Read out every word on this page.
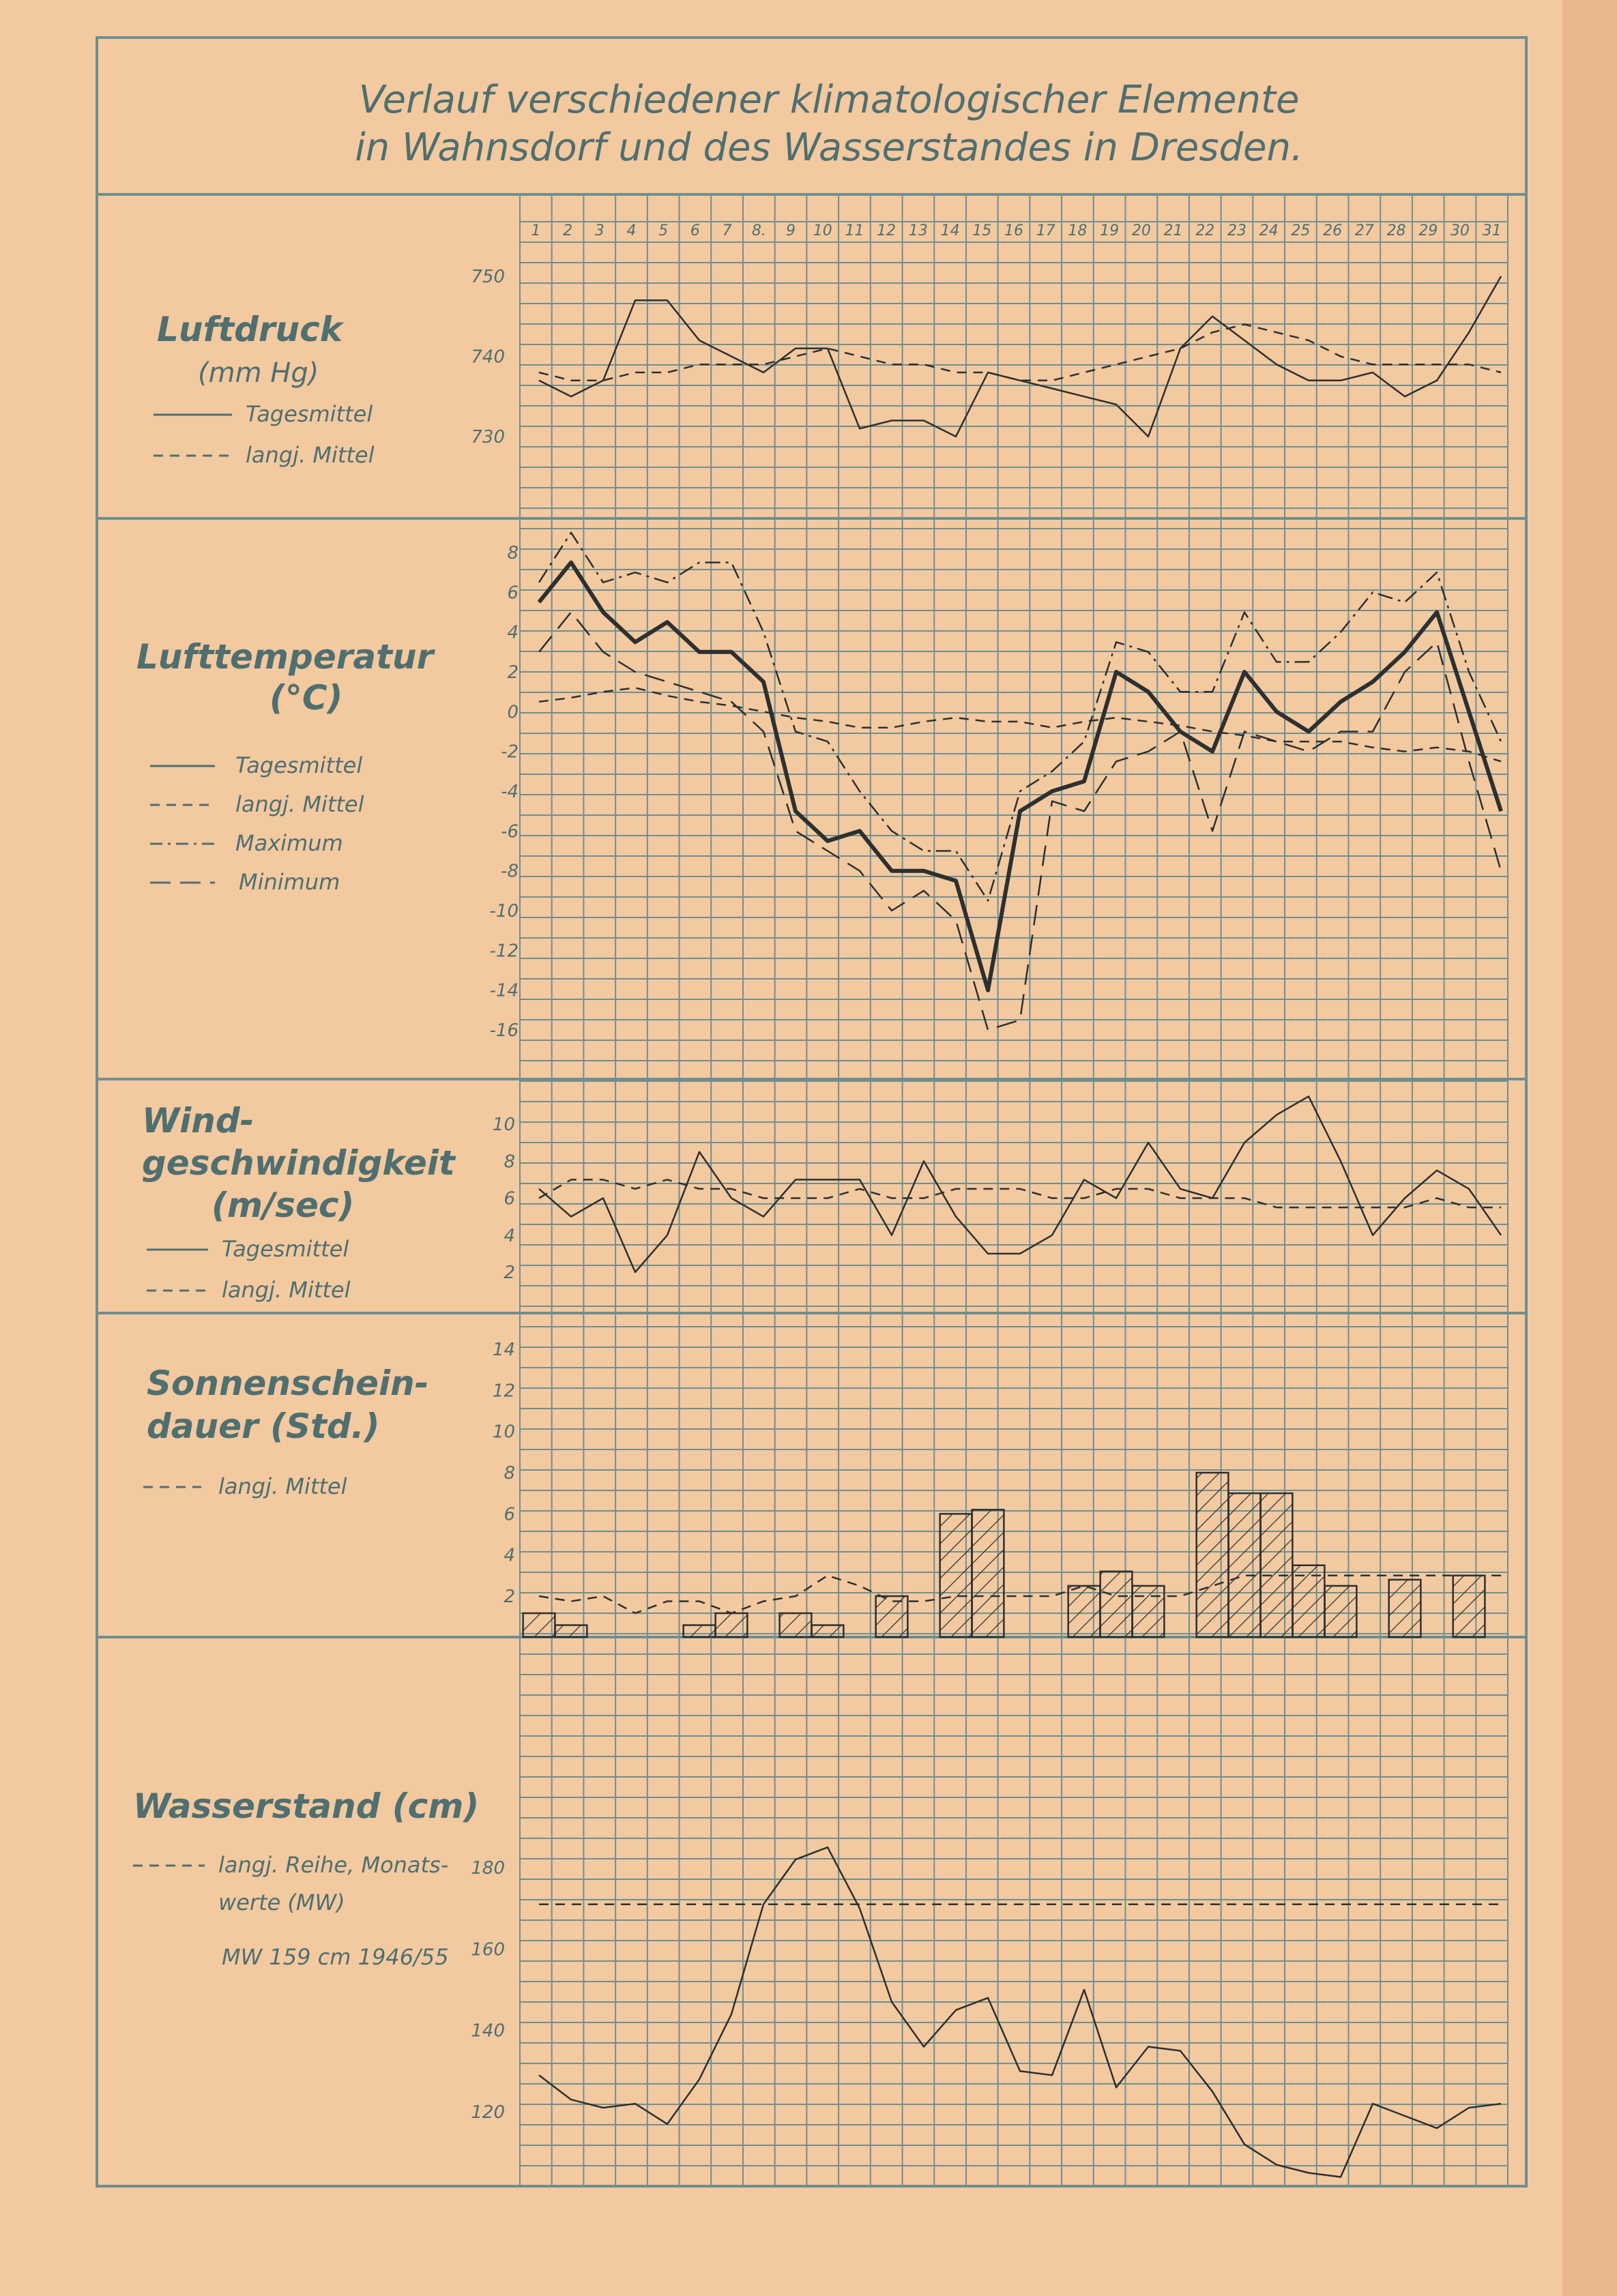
Verlauf verschiedener klimatologischer Elemente
in Wahnsdorf und des Wasserstandes in Dresden.
1 2 3 4 5 6 7 8. 9 10 11 12 13 14 15 16 17 18 19 20 21 22 23 24 25 26 27 28 29 30 31
750
740
730
8
6
4
2
0
-2
-4
-6
-8
-10
-12
-14
-16
10
8
6
4
2
14
12
10
8
6
4
2
180
160
140
120
Luftdruck
(mm Hg)
Tagesmittel
langj. Mittel
Lufttemperatur
(°C)
Tagesmittel
langj. Mittel
Maximum
Minimum
Wind-
geschwindigkeit
(m/sec)
Tagesmittel
langj. Mittel
Sonnenschein-
dauer (Std.)
langj. Mittel
Wasserstand (cm)
langj. Reihe, Monats-
werte (MW)
MW 159 cm 1946/55
